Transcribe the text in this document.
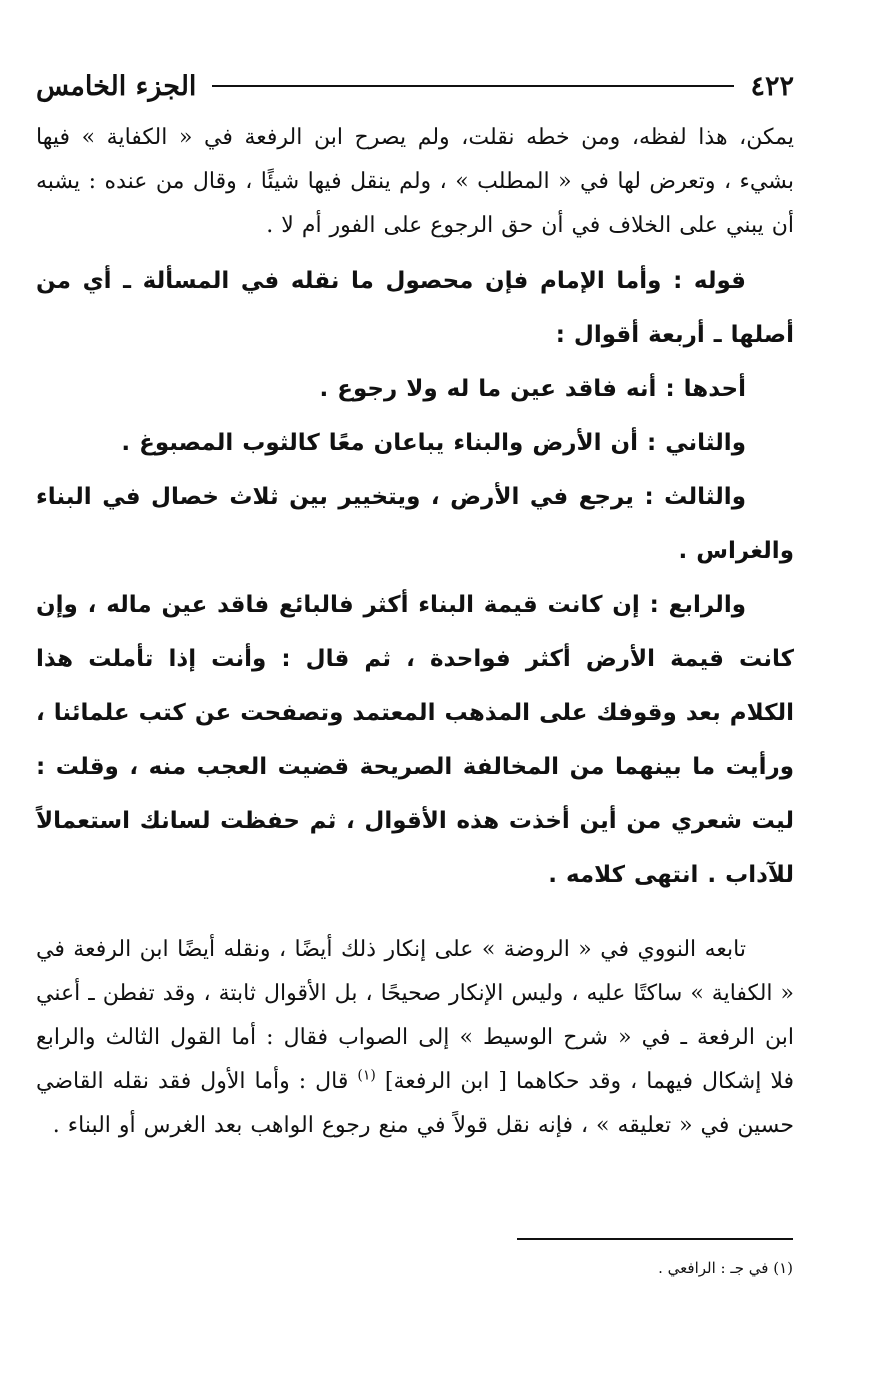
٤٢٢
الجزء الخامس

يمكن، هذا لفظه، ومن خطه نقلت، ولم يصرح ابن الرفعة في « الكفاية » فيها بشيء ، وتعرض لها في « المطلب » ، ولم ينقل فيها شيئًا ، وقال من عنده : يشبه أن يبني على الخلاف في أن حق الرجوع على الفور أم لا .

قوله : وأما الإمام فإن محصول ما نقله في المسألة ـ أي من أصلها ـ أربعة أقوال :

أحدها : أنه فاقد عين ما له ولا رجوع .

والثاني : أن الأرض والبناء يباعان معًا كالثوب المصبوغ .

والثالث : يرجع في الأرض ، ويتخيير بين ثلاث خصال في البناء والغراس .

والرابع : إن كانت قيمة البناء أكثر فالبائع فاقد عين ماله ، وإن كانت قيمة الأرض أكثر فواحدة ، ثم قال : وأنت إذا تأملت هذا الكلام بعد وقوفك على المذهب المعتمد وتصفحت عن كتب علمائنا ، ورأيت ما بينهما من المخالفة الصريحة قضيت العجب منه ، وقلت : ليت شعري من أين أخذت هذه الأقوال ، ثم حفظت لسانك استعمالاً للآداب . انتهى كلامه .

تابعه النووي في « الروضة » على إنكار ذلك أيضًا ، ونقله أيضًا ابن الرفعة في « الكفاية » ساكتًا عليه ، وليس الإنكار صحيحًا ، بل الأقوال ثابتة ، وقد تفطن ـ أعني ابن الرفعة ـ في « شرح الوسيط » إلى الصواب فقال : أما القول الثالث والرابع فلا إشكال فيهما ، وقد حكاهما [ ابن الرفعة] $^{(١)}$ قال : وأما الأول فقد نقله القاضي حسين في « تعليقه » ، فإنه نقل قولاً في منع رجوع الواهب بعد الغرس أو البناء .

(١) في جـ : الرافعي .
